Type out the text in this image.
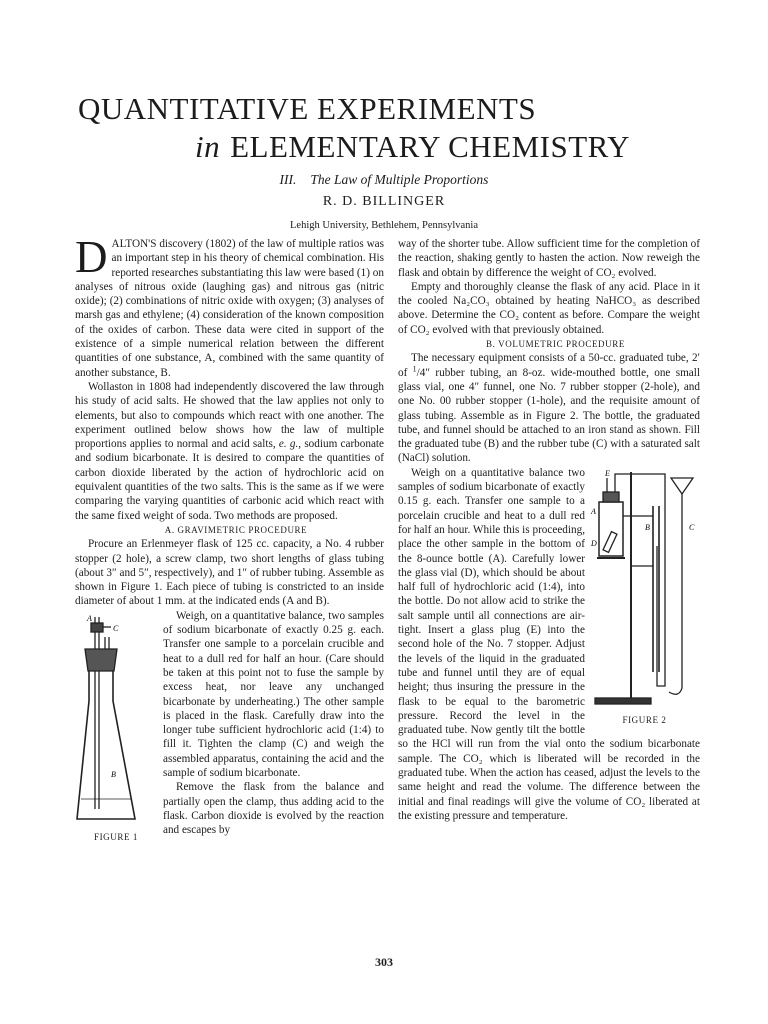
QUANTITATIVE EXPERIMENTS
in ELEMENTARY CHEMISTRY
III. The Law of Multiple Proportions
R. D. BILLINGER
Lehigh University, Bethlehem, Pennsylvania

DALTON'S discovery (1802) of the law of multiple ratios was an important step in his theory of chemical combination. His reported researches substantiating this law were based (1) on analyses of nitrous oxide (laughing gas) and nitrous gas (nitric oxide); (2) combinations of nitric oxide with oxygen; (3) analyses of marsh gas and ethylene; (4) consideration of the known composition of the oxides of carbon. These data were cited in support of the existence of a simple numerical relation between the different quantities of one substance, A, combined with the same quantity of another substance, B.

Wollaston in 1808 had independently discovered the law through his study of acid salts. He showed that the law applies not only to elements, but also to compounds which react with one another. The experiment outlined below shows how the law of multiple proportions applies to normal and acid salts, e. g., sodium carbonate and sodium bicarbonate. It is desired to compare the quantities of carbon dioxide liberated by the action of hydrochloric acid on equivalent quantities of the two salts. This is the same as if we were comparing the varying quantities of carbonic acid which react with the same fixed weight of soda. Two methods are proposed.

A. GRAVIMETRIC PROCEDURE

Procure an Erlenmeyer flask of 125 cc. capacity, a No. 4 rubber stopper (2 hole), a screw clamp, two short lengths of glass tubing (about 3″ and 5″, respectively), and 1″ of rubber tubing. Assemble as shown in Figure 1. Each piece of tubing is constricted to an inside diameter of about 1 mm. at the indicated ends (A and B).

A
C
B
FIGURE 1

Weigh, on a quantitative balance, two samples of sodium bicarbonate of exactly 0.25 g. each. Transfer one sample to a porcelain crucible and heat to a dull red for half an hour. (Care should be taken at this point not to fuse the sample by excess heat, nor leave any unchanged bicarbonate by underheating.) The other sample is placed in the flask. Carefully draw into the longer tube sufficient hydrochloric acid (1:4) to fill it. Tighten the clamp (C) and weigh the assembled apparatus, containing the acid and the sample of sodium bicarbonate.

Remove the flask from the balance and partially open the clamp, thus adding acid to the flask. Carbon dioxide is evolved by the reaction and escapes by

way of the shorter tube. Allow sufficient time for the completion of the reaction, shaking gently to hasten the action. Now reweigh the flask and obtain by difference the weight of CO₂ evolved.

Empty and thoroughly cleanse the flask of any acid. Place in it the cooled Na₂CO₃ obtained by heating NaHCO₃ as described above. Determine the CO₂ content as before. Compare the weight of CO₂ evolved with that previously obtained.

B. VOLUMETRIC PROCEDURE

The necessary equipment consists of a 50-cc. graduated tube, 2′ of $^1$/4″ rubber tubing, an 8-oz. wide-mouthed bottle, one small glass vial, one 4″ funnel, one No. 7 rubber stopper (2-hole), and one No. 00 rubber stopper (1-hole), and the requisite amount of glass tubing. Assemble as in Figure 2. The bottle, the graduated tube, and funnel should be attached to an iron stand as shown. Fill the graduated tube (B) and the rubber tube (C) with a saturated salt (NaCl) solution.

E
A
D
B	C
FIGURE 2

Weigh on a quantitative balance two samples of sodium bicarbonate of exactly 0.15 g. each. Transfer one sample to a porcelain crucible and heat to a dull red for half an hour. While this is proceeding, place the other sample in the bottom of the 8-ounce bottle (A). Carefully lower the glass vial (D), which should be about half full of hydrochloric acid (1:4), into the bottle. Do not allow acid to strike the salt sample until all connections are air-tight. Insert a glass plug (E) into the second hole of the No. 7 stopper. Adjust the levels of the liquid in the graduated tube and funnel until they are of equal height; thus insuring the pressure in the flask to be equal to the barometric pressure. Record the level in the graduated tube. Now gently tilt the bottle so the HCl will run from the vial onto the sodium bicarbonate sample. The CO₂ which is liberated will be recorded in the graduated tube. When the action has ceased, adjust the levels to the same height and read the volume. The difference between the initial and final readings will give the volume of CO₂ liberated at the existing pressure and temperature.

303
